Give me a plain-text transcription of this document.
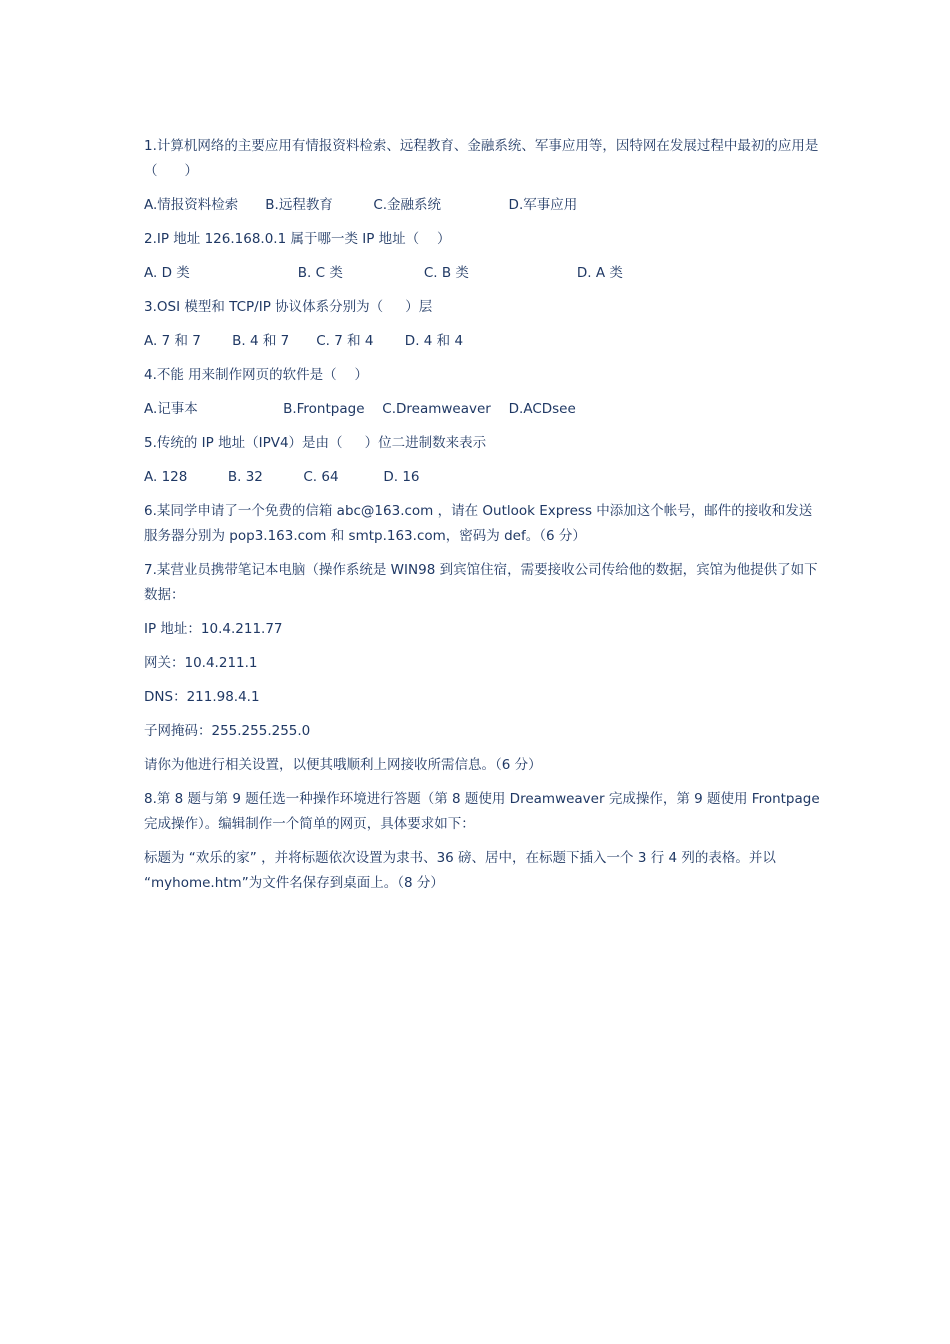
1.计算机网络的主要应用有情报资料检索、远程教育、金融系统、军事应用等，因特网在发展过程中最初的应用是

（　　）

A.情报资料检索　　B.远程教育　　　C.金融系统　　　　　D.军事应用

2.IP 地址 126.168.0.1 属于哪一类 IP 地址（　 ）

A. D 类　　　　　　　　B. C 类　　　　　　C. B 类　　　　　　　　D. A 类

3.OSI 模型和 TCP/IP 协议体系分别为（　  ）层

A. 7 和 7　　 B. 4 和 7　　C. 7 和 4　　 D. 4 和 4

4.不能 用来制作网页的软件是（　 ）

A.记事本　　　　　　 B.Frontpage　 C.Dreamweaver　 D.ACDsee

5.传统的 IP 地址（IPV4）是由（　  ）位二进制数来表示

A. 128　　　B. 32　　　C. 64　　　 D. 16

6.某同学申请了一个免费的信箱 abc@163.com ，请在 Outlook Express 中添加这个帐号，邮件的接收和发送

服务器分别为 pop3.163.com 和 smtp.163.com，密码为 def。（6 分）

7.某营业员携带笔记本电脑（操作系统是 WIN98 到宾馆住宿，需要接收公司传给他的数据，宾馆为他提供了如下

数据：

IP 地址：10.4.211.77

网关：10.4.211.1

DNS：211.98.4.1

子网掩码：255.255.255.0

请你为他进行相关设置，以便其哦顺利上网接收所需信息。（6 分）

8.第 8 题与第 9 题任选一种操作环境进行答题（第 8 题使用 Dreamweaver 完成操作，第 9 题使用 Frontpage

完成操作）。编辑制作一个简单的网页，具体要求如下：

标题为 “欢乐的家” ，并将标题依次设置为隶书、36 磅、居中，在标题下插入一个 3 行 4 列的表格。并以

“myhome.htm”为文件名保存到桌面上。（8 分）
